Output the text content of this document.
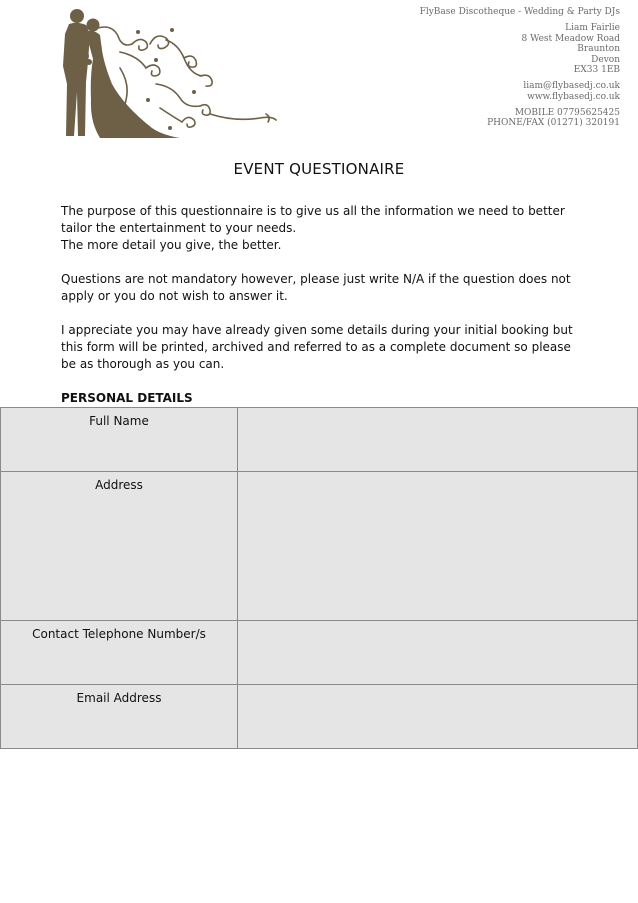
FlyBase Discotheque - Wedding & Party DJs
Liam Fairlie
8 West Meadow Road
Braunton
Devon
EX33 1EB
liam@flybasedj.co.uk
www.flybasedj.co.uk
MOBILE 07795625425
PHONE/FAX (01271) 320191
EVENT QUESTIONAIRE

The purpose of this questionnaire is to give us all the information we need to better tailor the entertainment to your needs.

The more detail you give, the better.

Questions are not mandatory however, please just write N/A if the question does not apply or you do not wish to answer it.

I appreciate you may have already given some details during your initial booking but this form will be printed, archived and referred to as a complete document so please be as thorough as you can.

PERSONAL DETAILS
Full Name	
Address	
Contact Telephone Number/s	
Email Address	
